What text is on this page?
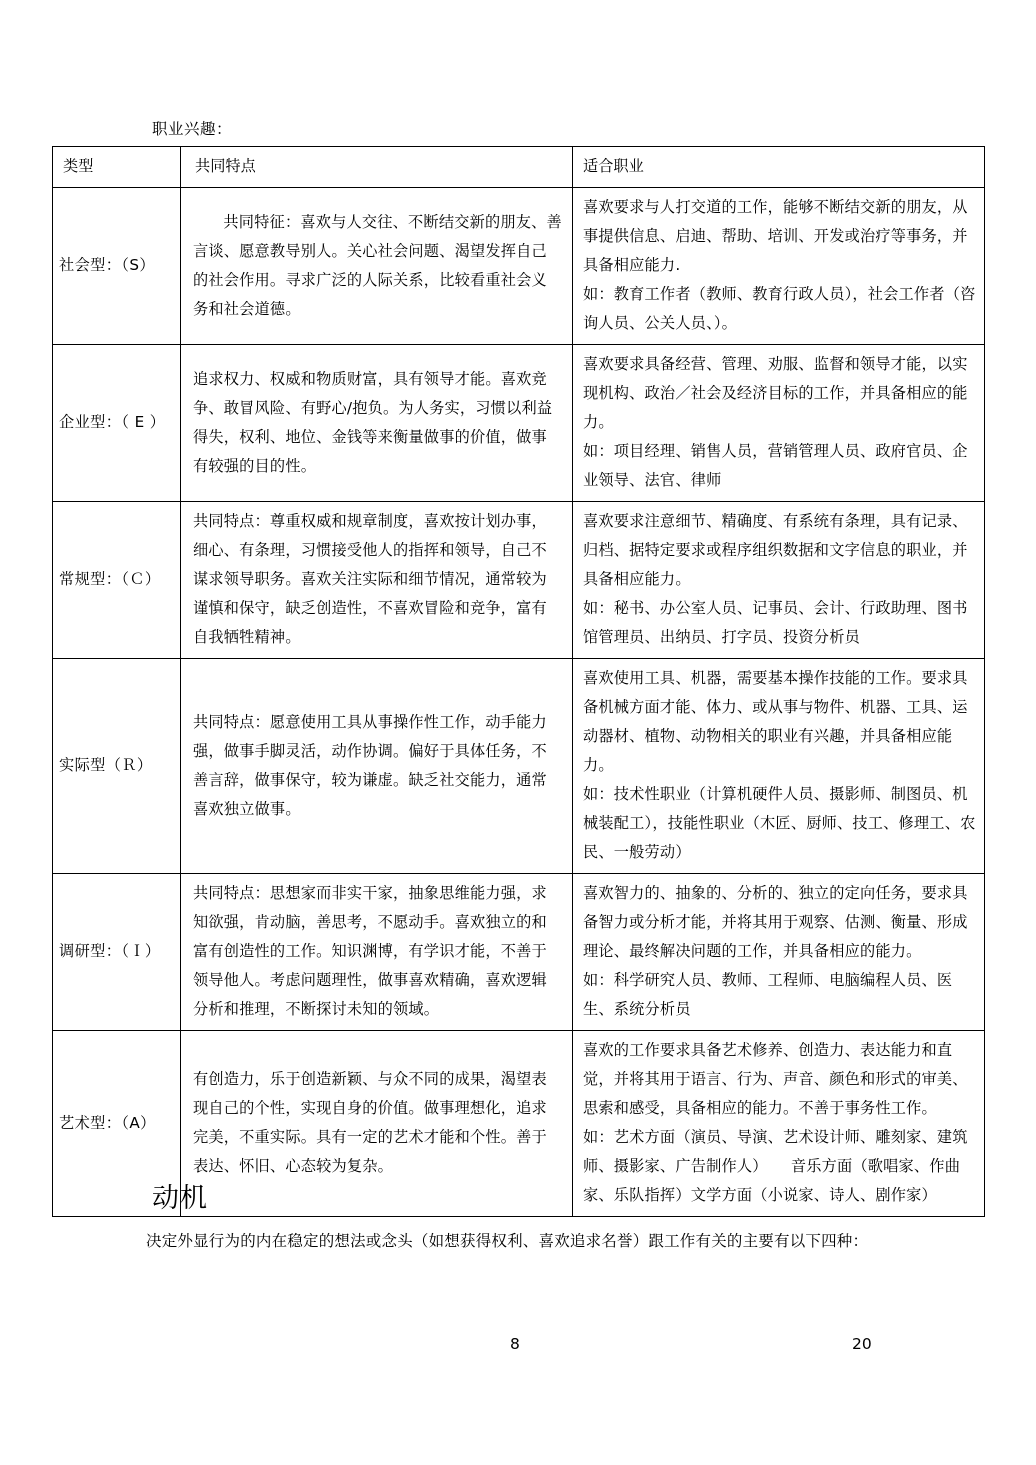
职业兴趣：
类型	共同特点	适合职业
社会型：（S）	共同特征：喜欢与人交往、不断结交新的朋友、善言谈、愿意教导别人。关心社会问题、渴望发挥自己的社会作用。寻求广泛的人际关系，比较看重社会义务和社会道德。	喜欢要求与人打交道的工作，能够不断结交新的朋友，从事提供信息、启迪、帮助、培训、开发或治疗等事务，并具备相应能力.
如：教育工作者（教师、教育行政人员），社会工作者（咨询人员、公关人员、）。

企业型：（ E ）	追求权力、权威和物质财富，具有领导才能。喜欢竞争、敢冒风险、有野心/抱负。为人务实，习惯以利益得失，权利、地位、金钱等来衡量做事的价值，做事有较强的目的性。	喜欢要求具备经营、管理、劝服、监督和领导才能，以实现机构、政治／社会及经济目标的工作，并具备相应的能力。
如：项目经理、销售人员，营销管理人员、政府官员、企业领导、法官、律师

常规型：（Ｃ）	共同特点：尊重权威和规章制度，喜欢按计划办事，细心、有条理，习惯接受他人的指挥和领导，自己不谋求领导职务。喜欢关注实际和细节情况，通常较为谨慎和保守，缺乏创造性，不喜欢冒险和竞争，富有自我牺牲精神。	喜欢要求注意细节、精确度、有系统有条理，具有记录、归档、据特定要求或程序组织数据和文字信息的职业，并具备相应能力。
如：秘书、办公室人员、记事员、会计、行政助理、图书馆管理员、出纳员、打字员、投资分析员

实际型（Ｒ）	共同特点：愿意使用工具从事操作性工作，动手能力强，做事手脚灵活，动作协调。偏好于具体任务，不善言辞，做事保守，较为谦虚。缺乏社交能力，通常喜欢独立做事。	喜欢使用工具、机器，需要基本操作技能的工作。要求具备机械方面才能、体力、或从事与物件、机器、工具、运动器材、植物、动物相关的职业有兴趣，并具备相应能力。
如：技术性职业（计算机硬件人员、摄影师、制图员、机械装配工），技能性职业（木匠、厨师、技工、修理工、农民、一般劳动）

调研型：（Ｉ）	共同特点：思想家而非实干家，抽象思维能力强，求知欲强，肯动脑，善思考，不愿动手。喜欢独立的和富有创造性的工作。知识渊博，有学识才能，不善于领导他人。考虑问题理性，做事喜欢精确，喜欢逻辑分析和推理，不断探讨未知的领域。	喜欢智力的、抽象的、分析的、独立的定向任务，要求具备智力或分析才能，并将其用于观察、估测、衡量、形成理论、最终解决问题的工作，并具备相应的能力。
如：科学研究人员、教师、工程师、电脑编程人员、医生、系统分析员

艺术型：（A）	有创造力，乐于创造新颖、与众不同的成果，渴望表现自己的个性，实现自身的价值。做事理想化，追求完美，不重实际。具有一定的艺术才能和个性。善于表达、怀旧、心态较为复杂。	喜欢的工作要求具备艺术修养、创造力、表达能力和直觉，并将其用于语言、行为、声音、颜色和形式的审美、思索和感受，具备相应的能力。不善于事务性工作。
如：艺术方面（演员、导演、艺术设计师、雕刻家、建筑师、摄影家、广告制作人）　　音乐方面（歌唱家、作曲家、乐队指挥）文学方面（小说家、诗人、剧作家）
动机
决定外显行为的内在稳定的想法或念头（如想获得权利、喜欢追求名誉）跟工作有关的主要有以下四种：
8	20
